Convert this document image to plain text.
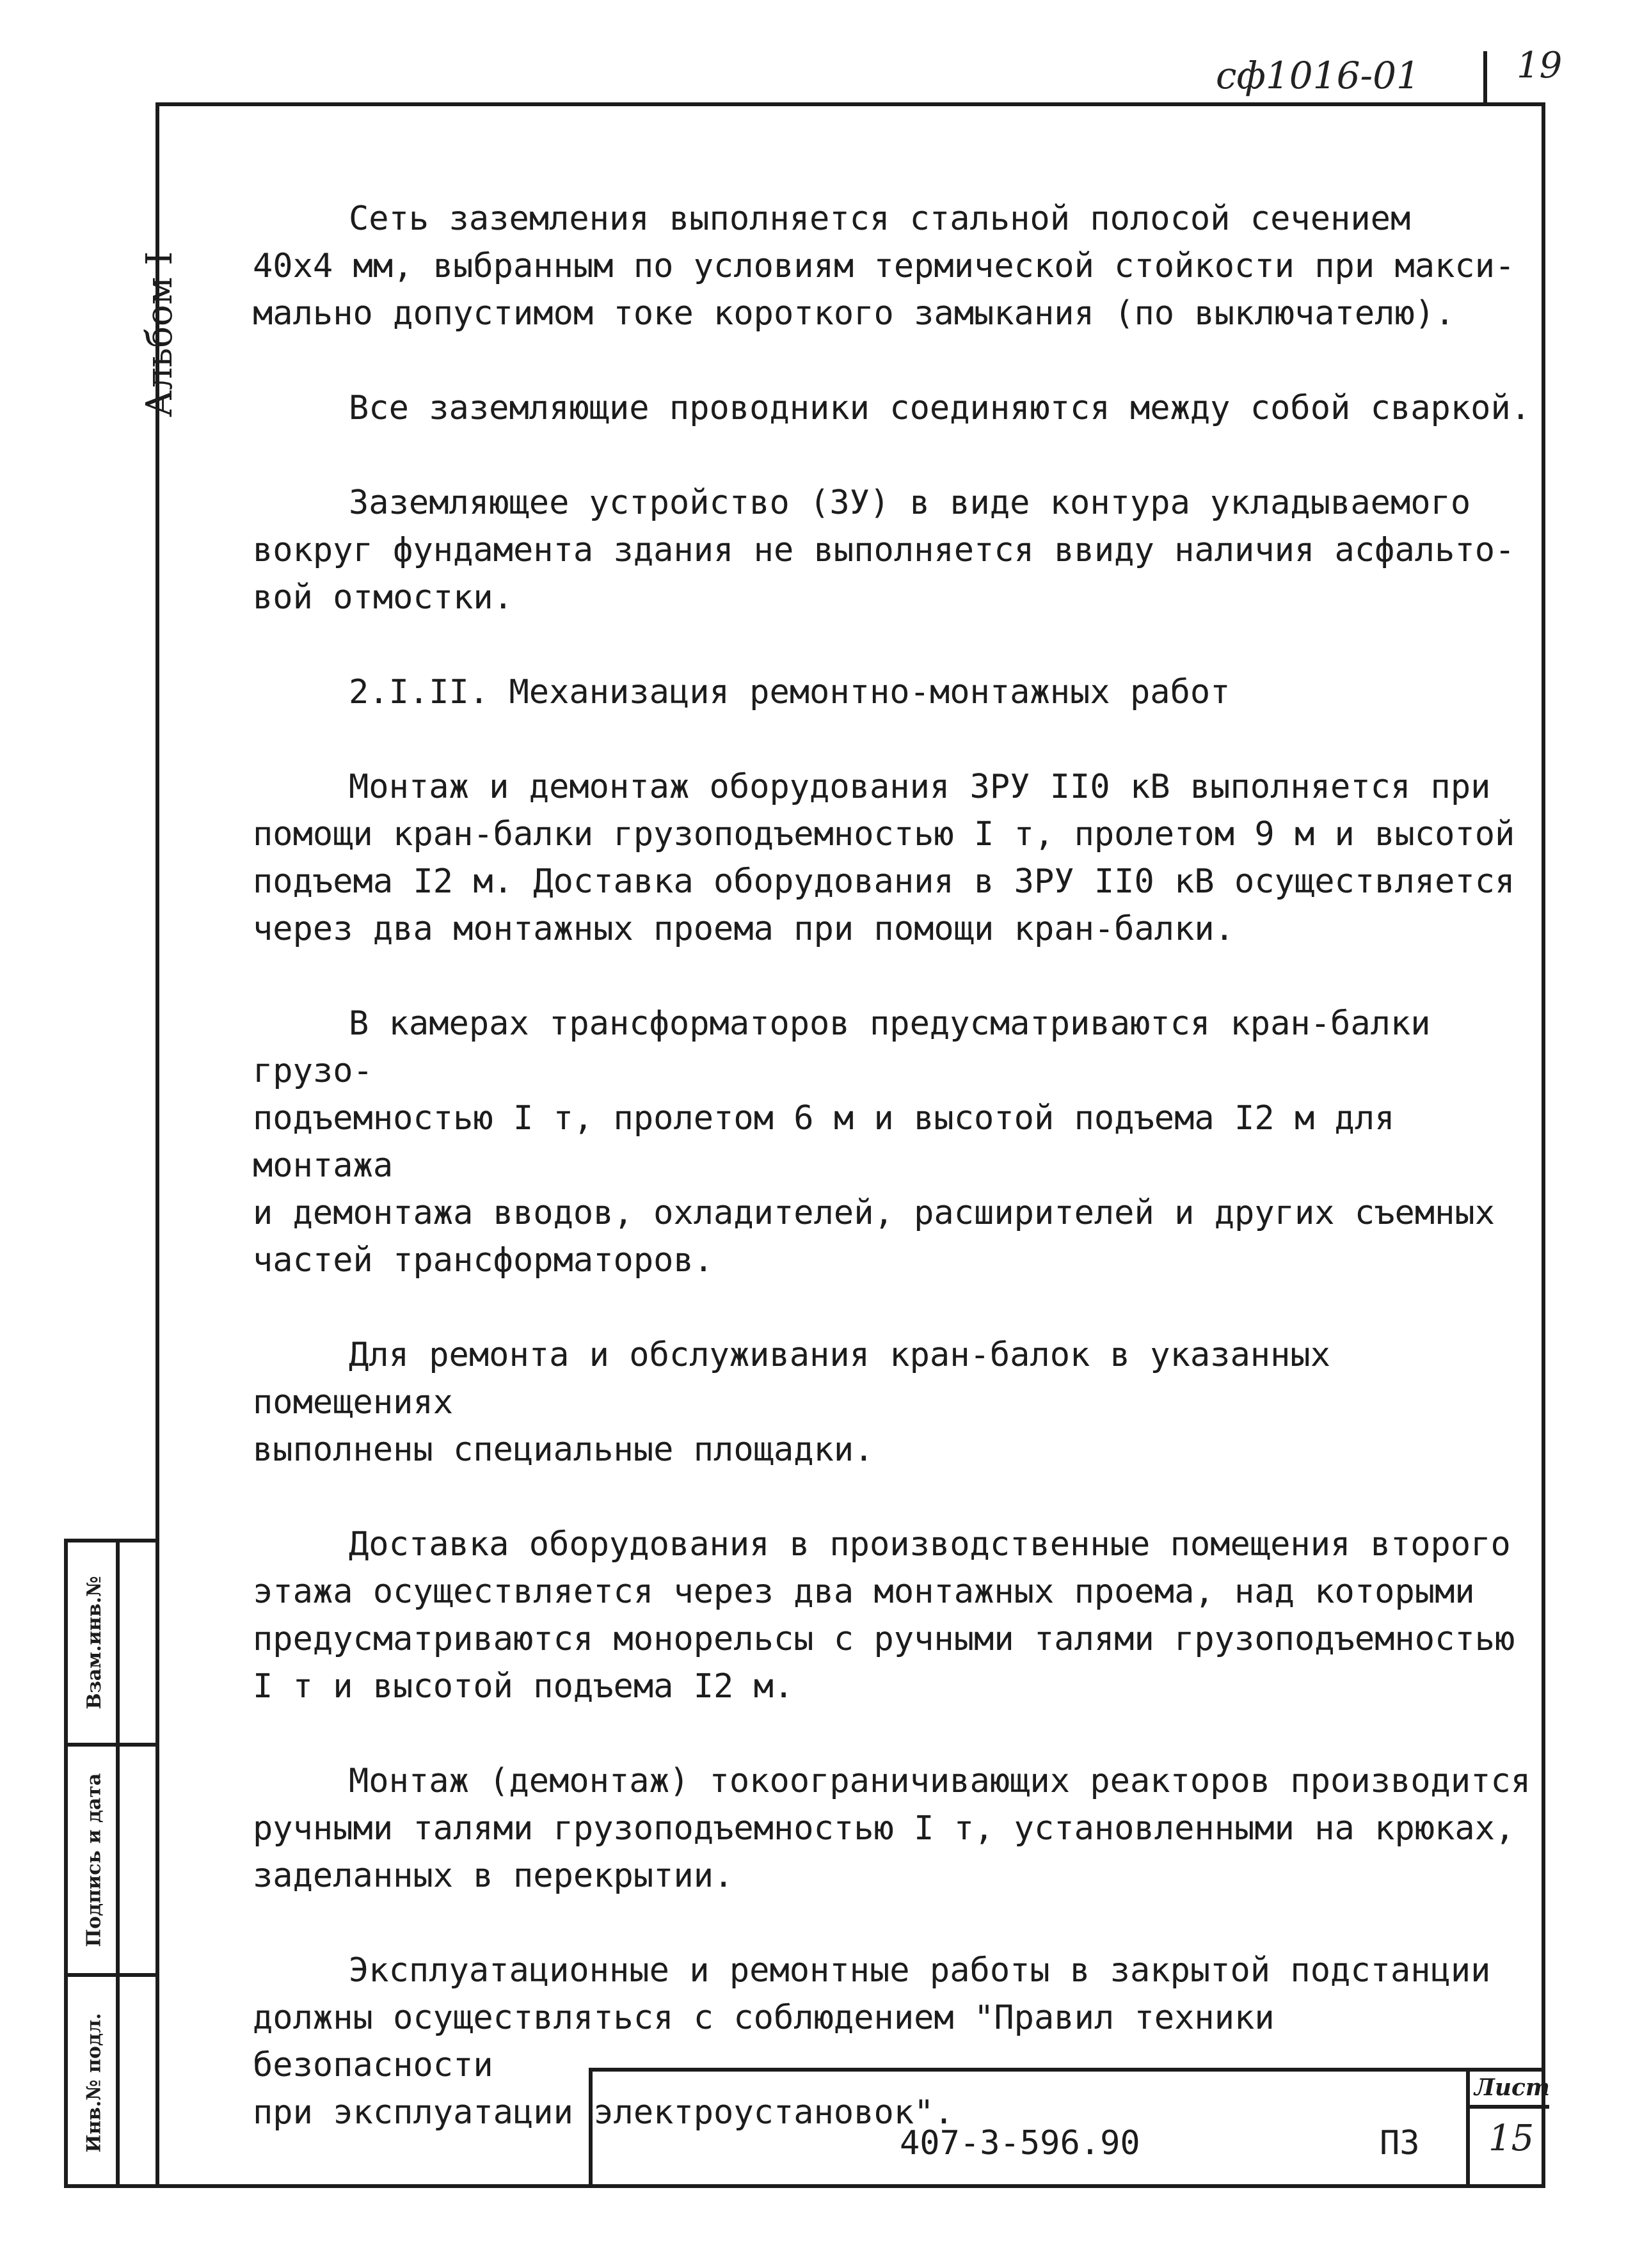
сф1016-01	19
Альбом I

Сеть заземления выполняется стальной полосой сечением
40х4 мм, выбранным по условиям термической стойкости при макси-
мально допустимом токе короткого замыкания (по выключателю).

Все заземляющие проводники соединяются между собой сваркой.

Заземляющее устройство (ЗУ) в виде контура укладываемого
вокруг фундамента здания не выполняется ввиду наличия асфальто-
вой отмостки.

2.I.II. Механизация ремонтно-монтажных работ

Монтаж и демонтаж оборудования ЗРУ II0 кВ выполняется при
помощи кран-балки грузоподъемностью I т, пролетом 9 м и высотой
подъема I2 м. Доставка оборудования в ЗРУ II0 кВ осуществляется
через два монтажных проема при помощи кран-балки.

В камерах трансформаторов предусматриваются кран-балки грузо-
подъемностью I т, пролетом 6 м и высотой подъема I2 м для монтажа
и демонтажа вводов, охладителей, расширителей и других съемных
частей трансформаторов.

Для ремонта и обслуживания кран-балок в указанных помещениях
выполнены специальные площадки.

Доставка оборудования в производственные помещения второго
этажа осуществляется через два монтажных проема, над которыми
предусматриваются монорельсы с ручными талями грузоподъемностью
I т и высотой подъема I2 м.

Монтаж (демонтаж) токоограничивающих реакторов производится
ручными талями грузоподъемностью I т, установленными на крюках,
заделанных в перекрытии.

Эксплуатационные и ремонтные работы в закрытой подстанции
должны осуществляться с соблюдением "Правил техники безопасности
при эксплуатации электроустановок".

Взам.инв.№
Подпись и дата
Инв.№ подл.	Лист
407-3-596.90	ПЗ 15
